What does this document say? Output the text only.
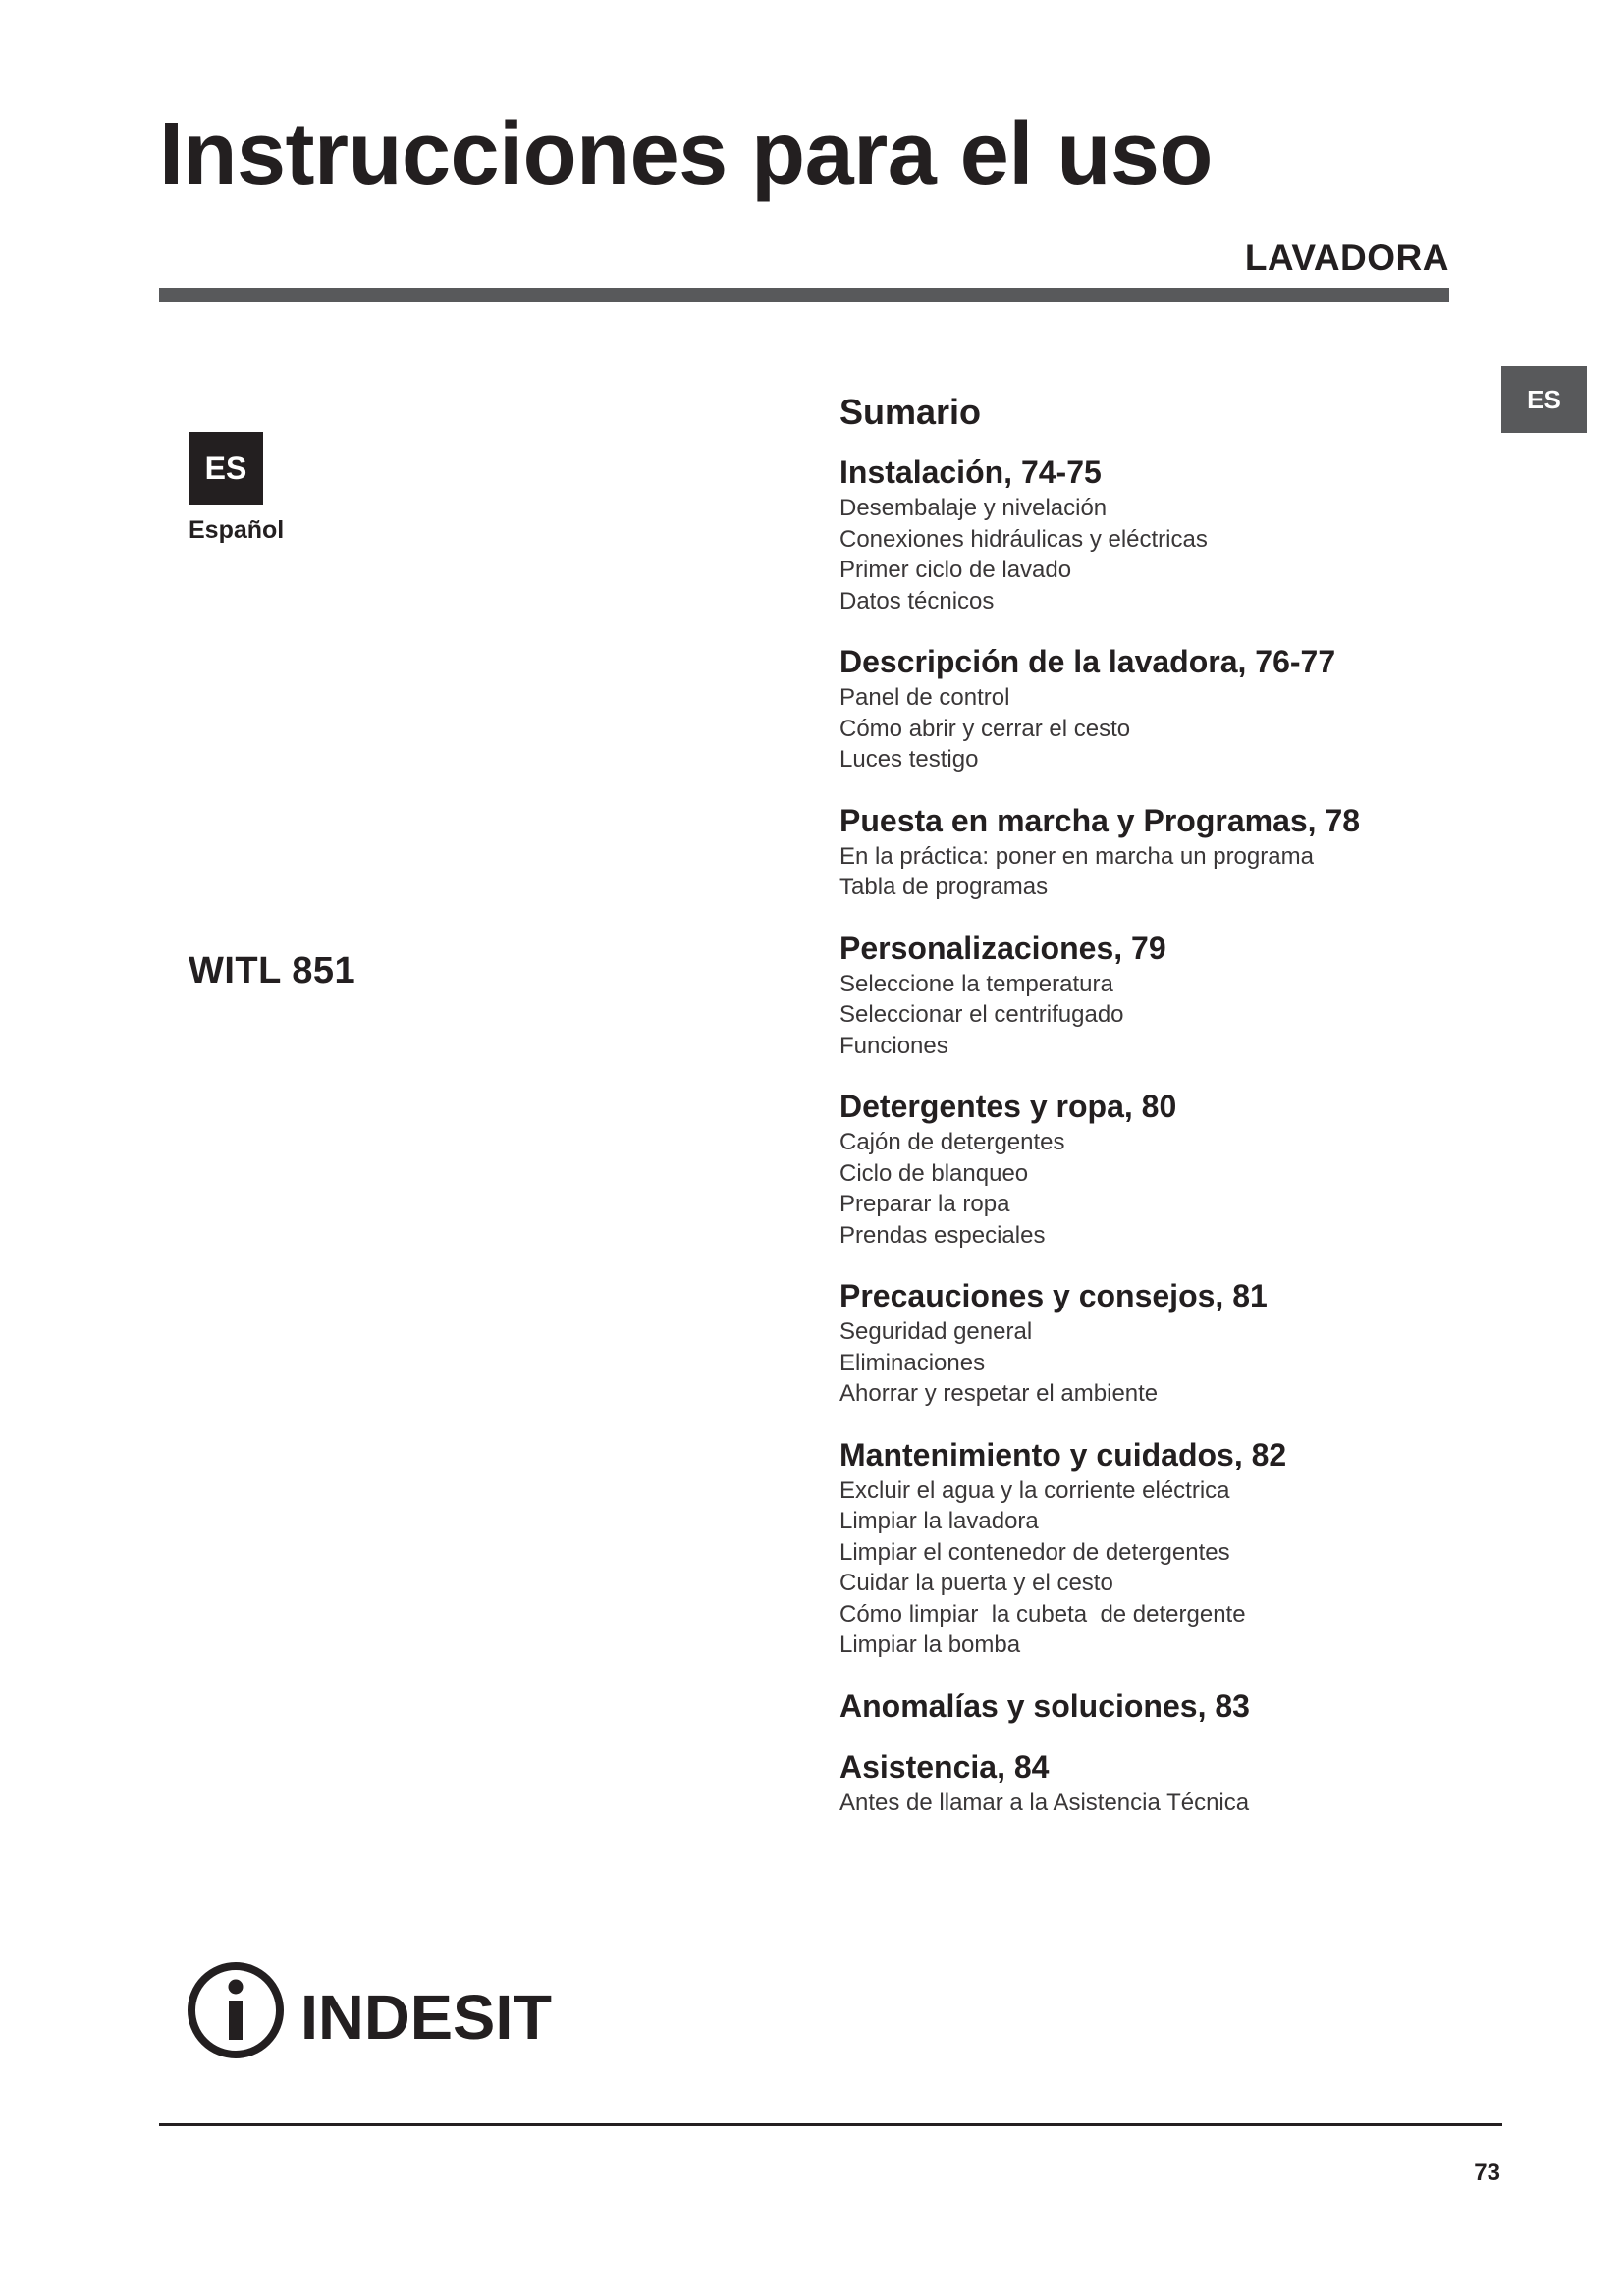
Instrucciones para el uso
LAVADORA
ES
ES
Español
WITL 851
Sumario
Instalación, 74-75
Desembalaje y nivelación
Conexiones hidráulicas y eléctricas
Primer ciclo de lavado
Datos técnicos
Descripción de la lavadora, 76-77
Panel de control
Cómo abrir y cerrar el cesto
Luces testigo
Puesta en marcha y Programas, 78
En la práctica: poner en marcha un programa
Tabla de programas
Personalizaciones, 79
Seleccione la temperatura
Seleccionar el centrifugado
Funciones
Detergentes y ropa, 80
Cajón de detergentes
Ciclo de blanqueo
Preparar la ropa
Prendas especiales
Precauciones y consejos, 81
Seguridad general
Eliminaciones
Ahorrar y respetar el ambiente
Mantenimiento y cuidados, 82
Excluir el agua y la corriente eléctrica
Limpiar la lavadora
Limpiar el contenedor de detergentes
Cuidar la puerta y el cesto
Cómo limpiar  la cubeta  de detergente
Limpiar la bomba
Anomalías y soluciones, 83
Asistencia, 84
Antes de llamar a la Asistencia Técnica
INDESIT
73
